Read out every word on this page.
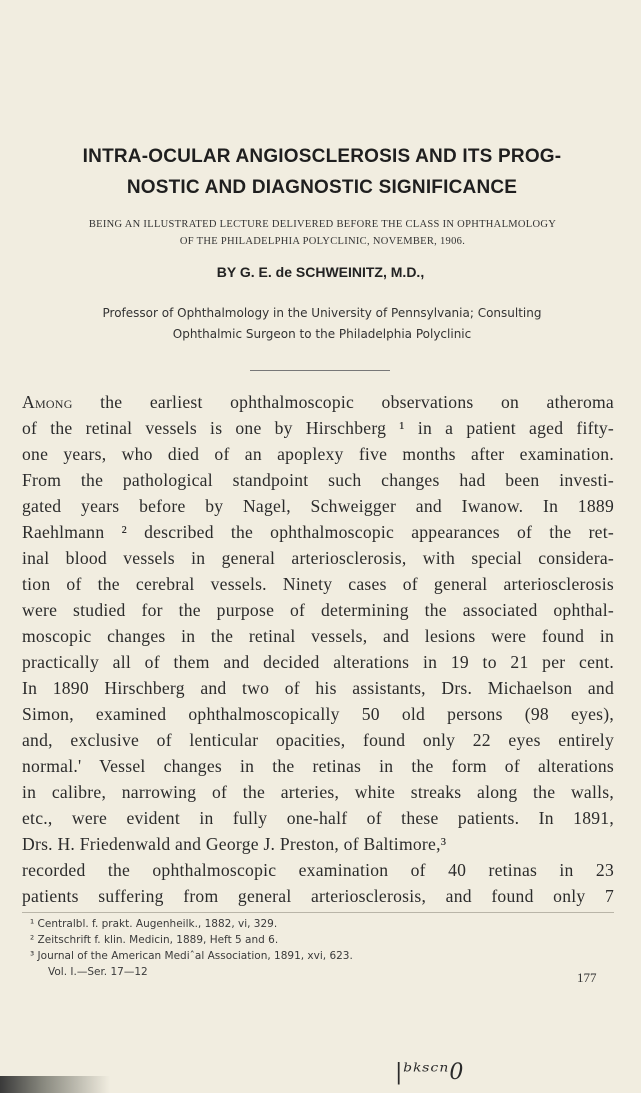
INTRA-OCULAR ANGIOSCLEROSIS AND ITS PROG-
NOSTIC AND DIAGNOSTIC SIGNIFICANCE
BEING AN ILLUSTRATED LECTURE DELIVERED BEFORE THE CLASS IN OPHTHALMOLOGY
OF THE PHILADELPHIA POLYCLINIC, NOVEMBER, 1906.
BY G. E. de SCHWEINITZ, M.D.,
Professor of Ophthalmology in the University of Pennsylvania; Consulting
Ophthalmic Surgeon to the Philadelphia Polyclinic
Among the earliest ophthalmoscopic observations on atheroma
of the retinal vessels is one by Hirschberg ¹ in a patient aged fifty-
one years, who died of an apoplexy five months after examination.
From the pathological standpoint such changes had been investi-
gated years before by Nagel, Schweigger and Iwanow. In 1889
Raehlmann ² described the ophthalmoscopic appearances of the ret-
inal blood vessels in general arteriosclerosis, with special considera-
tion of the cerebral vessels. Ninety cases of general arteriosclerosis
were studied for the purpose of determining the associated ophthal-
moscopic changes in the retinal vessels, and lesions were found in
practically all of them and decided alterations in 19 to 21 per cent.
In 1890 Hirschberg and two of his assistants, Drs. Michaelson and
Simon, examined ophthalmoscopically 50 old persons (98 eyes),
and, exclusive of lenticular opacities, found only 22 eyes entirely
normal.' Vessel changes in the retinas in the form of alterations
in calibre, narrowing of the arteries, white streaks along the walls,
etc., were evident in fully one-half of these patients. In 1891,
Drs. H. Friedenwald and George J. Preston, of Baltimore,³
recorded the ophthalmoscopic examination of 40 retinas in 23
patients suffering from general arteriosclerosis, and found only 7
¹ Centralbl. f. prakt. Augenheilk., 1882, vi, 329.
² Zeitschrift f. klin. Medicin, 1889, Heft 5 and 6.
³ Journal of the American Mediˆal Association, 1891, xvi, 623.
Vol. I.—Ser. 17—12	177
|ᵇᵏˢᶜⁿ0
